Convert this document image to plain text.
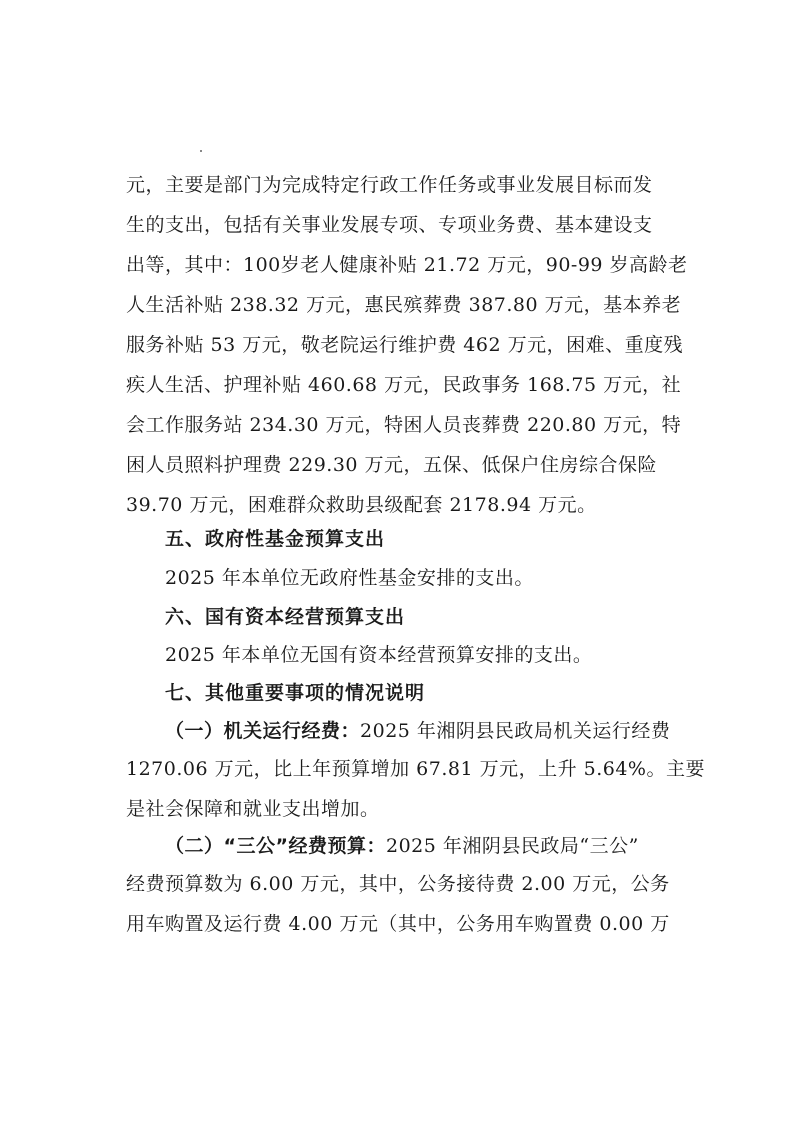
元，主要是部门为完成特定行政工作任务或事业发展目标而发
生的支出，包括有关事业发展专项、专项业务费、基本建设支
出等，其中：100岁老人健康补贴 21.72 万元，90-99 岁高龄老
人生活补贴 238.32 万元，惠民殡葬费 387.80 万元，基本养老
服务补贴 53 万元，敬老院运行维护费 462 万元，困难、重度残
疾人生活、护理补贴 460.68 万元，民政事务 168.75 万元，社
会工作服务站 234.30 万元，特困人员丧葬费 220.80 万元，特
困人员照料护理费 229.30 万元，五保、低保户住房综合保险
39.70 万元，困难群众救助县级配套 2178.94 万元。
五、政府性基金预算支出
2025 年本单位无政府性基金安排的支出。
六、国有资本经营预算支出
2025 年本单位无国有资本经营预算安排的支出。
七、其他重要事项的情况说明
（一）机关运行经费：2025 年湘阴县民政局机关运行经费
1270.06 万元，比上年预算增加 67.81 万元，上升 5.64%。主要
是社会保障和就业支出增加。
（二）“三公”经费预算：2025 年湘阴县民政局“三公”
经费预算数为 6.00 万元，其中，公务接待费 2.00 万元，公务
用车购置及运行费 4.00 万元（其中，公务用车购置费 0.00 万
